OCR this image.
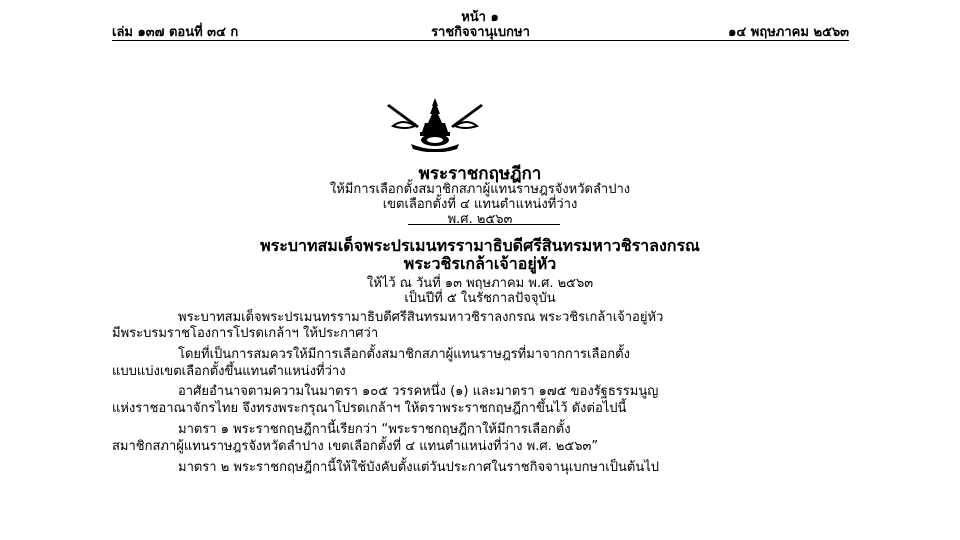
หน้า ๑
เล่ม ๑๓๗ ตอนที่ ๓๔ ก	ราชกิจจานุเบกษา	๑๔ พฤษภาคม ๒๕๖๓
พระราชกฤษฎีกา
ให้มีการเลือกตั้งสมาชิกสภาผู้แทนราษฎรจังหวัดลำปาง
เขตเลือกตั้งที่ ๔ แทนตำแหน่งที่ว่าง
พ.ศ. ๒๕๖๓
พระบาทสมเด็จพระปรเมนทรรามาธิบดีศรีสินทรมหาวชิราลงกรณ
พระวชิรเกล้าเจ้าอยู่หัว
ให้ไว้ ณ วันที่ ๑๓ พฤษภาคม พ.ศ. ๒๕๖๓
เป็นปีที่ ๕ ในรัชกาลปัจจุบัน
พระบาทสมเด็จพระปรเมนทรรามาธิบดีศรีสินทรมหาวชิราลงกรณ พระวชิรเกล้าเจ้าอยู่หัว
มีพระบรมราชโองการโปรดเกล้าฯ ให้ประกาศว่า
โดยที่เป็นการสมควรให้มีการเลือกตั้งสมาชิกสภาผู้แทนราษฎรที่มาจากการเลือกตั้ง
แบบแบ่งเขตเลือกตั้งขึ้นแทนตำแหน่งที่ว่าง
อาศัยอำนาจตามความในมาตรา ๑๐๕ วรรคหนึ่ง (๑) และมาตรา ๑๗๕ ของรัฐธรรมนูญ
แห่งราชอาณาจักรไทย จึงทรงพระกรุณาโปรดเกล้าฯ ให้ตราพระราชกฤษฎีกาขึ้นไว้ ดังต่อไปนี้
มาตรา ๑ พระราชกฤษฎีกานี้เรียกว่า “พระราชกฤษฎีกาให้มีการเลือกตั้ง
สมาชิกสภาผู้แทนราษฎรจังหวัดลำปาง เขตเลือกตั้งที่ ๔ แทนตำแหน่งที่ว่าง พ.ศ. ๒๕๖๓”
มาตรา ๒ พระราชกฤษฎีกานี้ให้ใช้บังคับตั้งแต่วันประกาศในราชกิจจานุเบกษาเป็นต้นไป
